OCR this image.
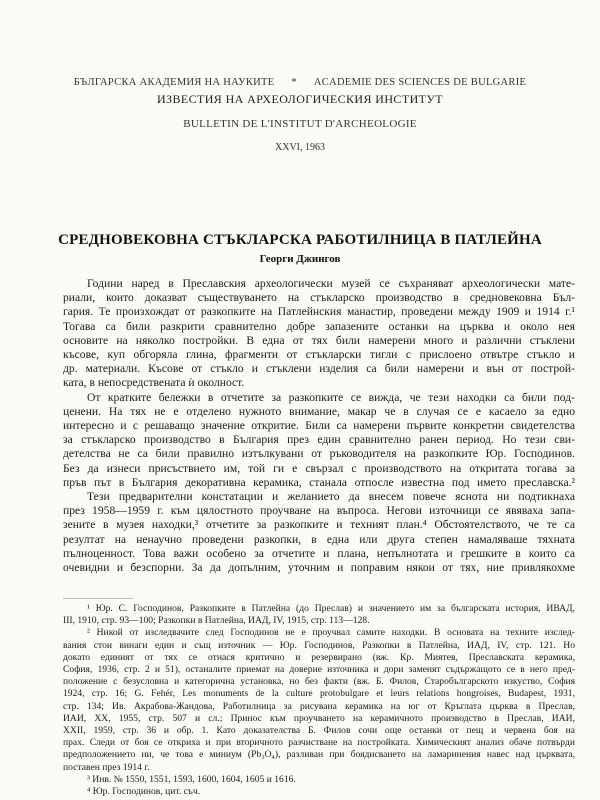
БЪЛГАРСКА АКАДЕМИЯ НА НАУКИТЕ * ACADEMIE DES SCIENCES DE BULGARIE
ИЗВЕСТИЯ НА АРХЕОЛОГИЧЕСКИЯ ИНСТИТУТ
BULLETIN DE L'INSTITUT D'ARCHEOLOGIE
XXVI, 1963
СРЕДНОВЕКОВНА СТЪКЛАРСКА РАБОТИЛНИЦА В ПАТЛЕЙНА
Георги Джингов
Години наред в Преславския археологически музей се съхраняват археологически мате-
риали, които доказват съществуването на стъкларско производство в средновековна Бъл-
гария. Те произхождат от разкопките на Патлейнския манастир, проведени между 1909 и 1914 г.¹
Тогава са били разкрити сравнително добре запазените останки на църква и около нея
основите на няколко постройки. В една от тях били намерени много и различни стъклени
късове, куп обгоряла глина, фрагменти от стъкларски тигли с прислоено отвътре стъкло и
др. материали. Късове от стъкло и стъклени изделия са били намерени и вън от построй-
ката, в непосредствената ѝ околност.
От кратките бележки в отчетите за разкопките се вижда, че тези находки са били под-
ценени. На тях не е отделено нужното внимание, макар че в случая се е касаело за едно
интересно и с решаващо значение откритие. Били са намерени първите конкретни свидетелства
за стъкларско производство в България през един сравнително ранен период. Но тези сви-
детелства не са били правилно изтълкувани от ръководителя на разкопките Юр. Господинов.
Без да изнеси присъствието им, той ги е свързал с производството на откритата тогава за
пръв път в България декоративна керамика, станала отпосле известна под името преславска.²
Тези предварителни констатации и желанието да внесем повече яснота ни подтикнаха
през 1958—1959 г. към цялостното проучване на въпроса. Негови източници се явяваха запа-
зените в музея находки,³ отчетите за разкопките и техният план.⁴ Обстоятелството, че те са
резултат на ненаучно проведени разкопки, в една или друга степен намаляваше тяхната
пълноценност. Това важи особено за отчетите и плана, непълнотата и грешките в които са
очевидни и безспорни. За да допълним, уточним и поправим някои от тях, ние привлякохме
¹ Юр. С. Господинов, Разкопките в Патлейна (до Преслав) и значението им за българската история, ИВАД,
III, 1910, стр. 93—100; Разкопки в Патлейна, ИАД, IV, 1915, стр. 113—128.
² Никой от изследвачите след Господинов не е проучвал самите находки. В основата на техните изслед-
вания стои винаги един и същ източник — Юр. Господинов, Разкопки в Патлейна, ИАД, IV, стр. 121. Но
докато единият от тях се отнася критично и резервирано (вж. Кр. Миятев, Преславската керамика,
София, 1936, стр. 2 и 51), останалите приемат на доверие източника и дори заменят съдържащото се в него пред-
положение с безусловна и категорична установка, но без факти (вж. Б. Филов, Старобългарското изкуство, София
1924, стр. 16; G. Fehér, Les monuments de la culture protobulgare et leurs relations hongroises, Budapest, 1931,
стр. 134; Ив. Акрабова-Жандова, Работилница за рисувана керамика на юг от Кръглата църква в Преслав,
ИАИ, XX, 1955, стр. 507 и сл.; Принос към проучването на керамичното производство в Преслав, ИАИ,
XXII, 1959, стр. 36 и обр. 1. Като доказателства Б. Филов сочи още останки от пещ и червена боя на
прах. Следи от боя се откриха и при вторичното разчистване на постройката. Химическият анализ обаче потвърди
предположението ни, че това е миниум (Pb₃O₄), разливан при боядисването на ламаринения навес над църквата,
поставен през 1914 г.
³ Инв. № 1550, 1551, 1593, 1600, 1604, 1605 и 1616.
⁴ Юр. Господинов, цит. съч.
